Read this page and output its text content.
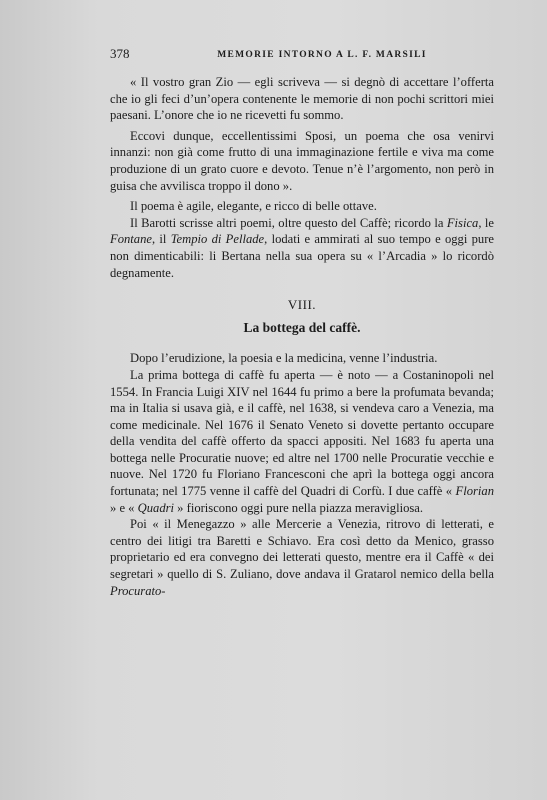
378	MEMORIE INTORNO A L. F. MARSILI

« Il vostro gran Zio — egli scriveva — si degnò di accettare l’offerta che io gli feci d’un’opera contenente le memorie di non pochi scrittori miei paesani. L’onore che io ne ricevetti fu sommo.

Eccovi dunque, eccellentissimi Sposi, un poema che osa venirvi innanzi: non già come frutto di una immaginazione fertile e viva ma come produzione di un grato cuore e devoto. Tenue n’è l’argomento, non però in guisa che avvilisca troppo il dono ».

Il poema è agile, elegante, e ricco di belle ottave.

Il Barotti scrisse altri poemi, oltre questo del Caffè; ricordo la Fisica, le Fontane, il Tempio di Pellade, lodati e ammirati al suo tempo e oggi pure non dimenticabili: li Bertana nella sua opera su « l’Arcadia » lo ricordò degnamente.

VIII.
La bottega del caffè.

Dopo l’erudizione, la poesia e la medicina, venne l’industria.

La prima bottega di caffè fu aperta — è noto — a Costaninopoli nel 1554. In Francia Luigi XIV nel 1644 fu primo a bere la profumata bevanda; ma in Italia si usava già, e il caffè, nel 1638, si vendeva caro a Venezia, ma come medicinale. Nel 1676 il Senato Veneto si dovette pertanto occupare della vendita del caffè offerto da spacci appositi. Nel 1683 fu aperta una bottega nelle Procuratie nuove; ed altre nel 1700 nelle Procuratie vecchie e nuove. Nel 1720 fu Floriano Francesconi che aprì la bottega oggi ancora fortunata; nel 1775 venne il caffè del Quadri di Corfù. I due caffè « Florian » e « Quadri » fioriscono oggi pure nella piazza meravigliosa.

Poi « il Menegazzo » alle Mercerie a Venezia, ritrovo di letterati, e centro dei litigi tra Baretti e Schiavo. Era così detto da Menico, grasso proprietario ed era convegno dei letterati questo, mentre era il Caffè « dei segretari » quello di S. Zuliano, dove andava il Gratarol nemico della bella Procurato-
